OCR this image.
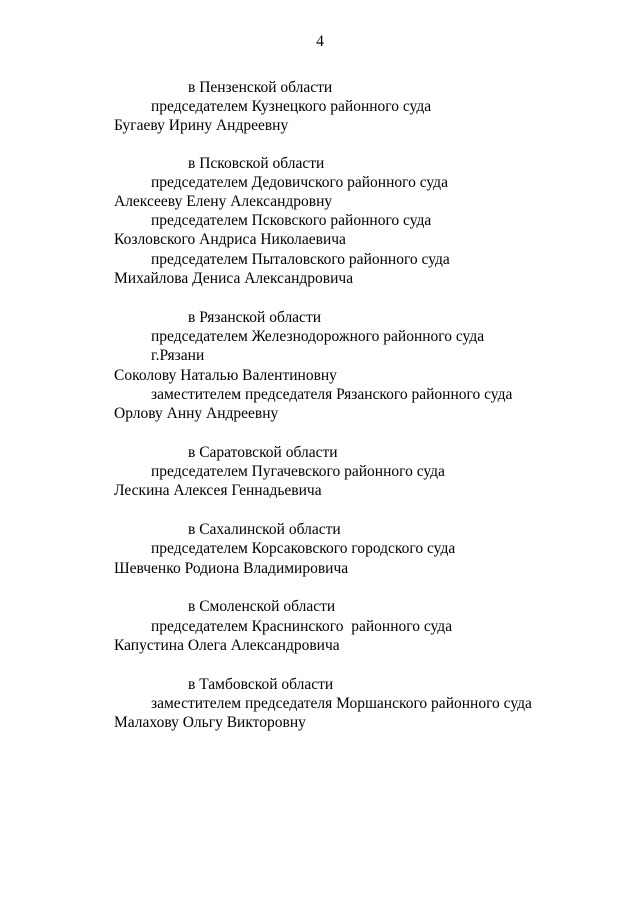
4
в Пензенской области
председателем Кузнецкого районного суда
Бугаеву Ирину Андреевну
в Псковской области
председателем Дедовичского районного суда
Алексееву Елену Александровну
председателем Псковского районного суда
Козловского Андриса Николаевича
председателем Пыталовского районного суда
Михайлова Дениса Александровича
в Рязанской области
председателем Железнодорожного районного суда
г.Рязани
Соколову Наталью Валентиновну
заместителем председателя Рязанского районного суда
Орлову Анну Андреевну
в Саратовской области
председателем Пугачевского районного суда
Лескина Алексея Геннадьевича
в Сахалинской области
председателем Корсаковского городского суда
Шевченко Родиона Владимировича
в Смоленской области
председателем Краснинского  районного суда
Капустина Олега Александровича
в Тамбовской области
заместителем председателя Моршанского районного суда
Малахову Ольгу Викторовну
